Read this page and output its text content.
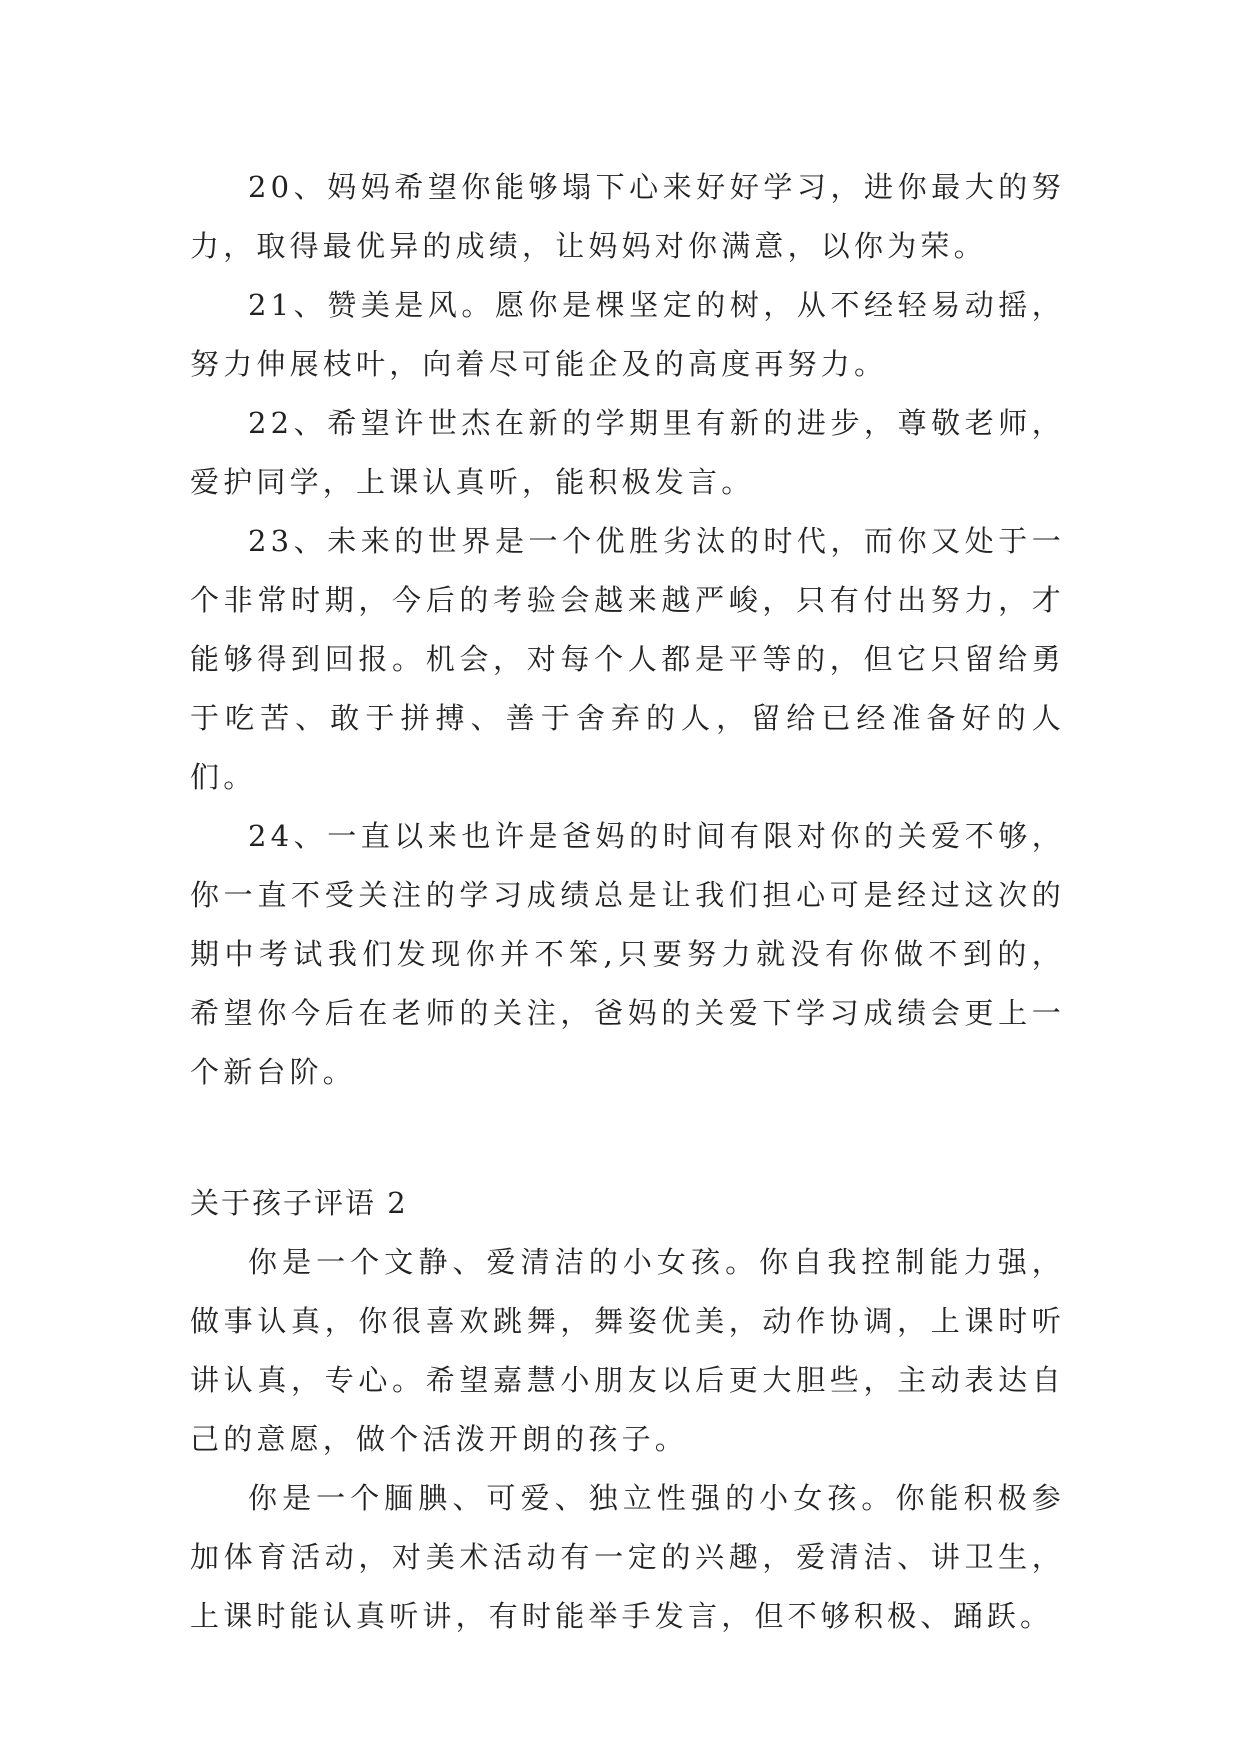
20、妈妈希望你能够塌下心来好好学习，进你最大的努力，取得最优异的成绩，让妈妈对你满意，以你为荣。

21、赞美是风。愿你是棵坚定的树，从不经轻易动摇，努力伸展枝叶，向着尽可能企及的高度再努力。

22、希望许世杰在新的学期里有新的进步，尊敬老师，爱护同学，上课认真听，能积极发言。

23、未来的世界是一个优胜劣汰的时代，而你又处于一个非常时期，今后的考验会越来越严峻，只有付出努力，才能够得到回报。机会，对每个人都是平等的，但它只留给勇于吃苦、敢于拼搏、善于舍弃的人，留给已经准备好的人们。

24、一直以来也许是爸妈的时间有限对你的关爱不够，你一直不受关注的学习成绩总是让我们担心可是经过这次的期中考试我们发现你并不笨,只要努力就没有你做不到的，希望你今后在老师的关注，爸妈的关爱下学习成绩会更上一个新台阶。

关于孩子评语 2

你是一个文静、爱清洁的小女孩。你自我控制能力强，做事认真，你很喜欢跳舞，舞姿优美，动作协调，上课时听讲认真，专心。希望嘉慧小朋友以后更大胆些，主动表达自己的意愿，做个活泼开朗的孩子。

你是一个腼腆、可爱、独立性强的小女孩。你能积极参加体育活动，对美术活动有一定的兴趣，爱清洁、讲卫生，上课时能认真听讲，有时能举手发言，但不够积极、踊跃。
